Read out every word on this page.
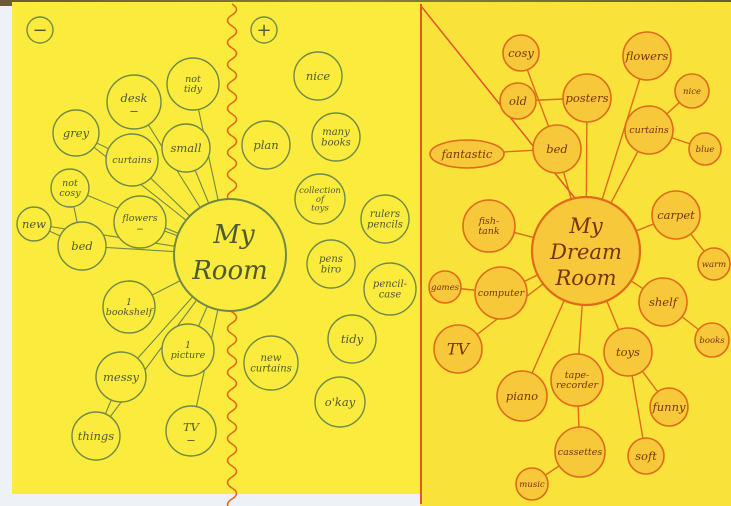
−	+
My
Room
desk
−
not
tidy
grey
curtains
small
not
cosy
new	flowers
−
bed
1
bookshelf
1
picture
messy
things
TV
−
nice
plan
many
books
collection
of
toys
rulers
pencils
pens
biro
pencil-
case
tidy
new
curtains
o'kay
My
Dream
Room
cosy	flowers
posters
old
nice
curtains
blue
bed
fantastic
fish-
tank
carpet
warm
games
computer
shelf
books
TV	toys
tape-
recorder
piano
funny
cassettes	soft
music
